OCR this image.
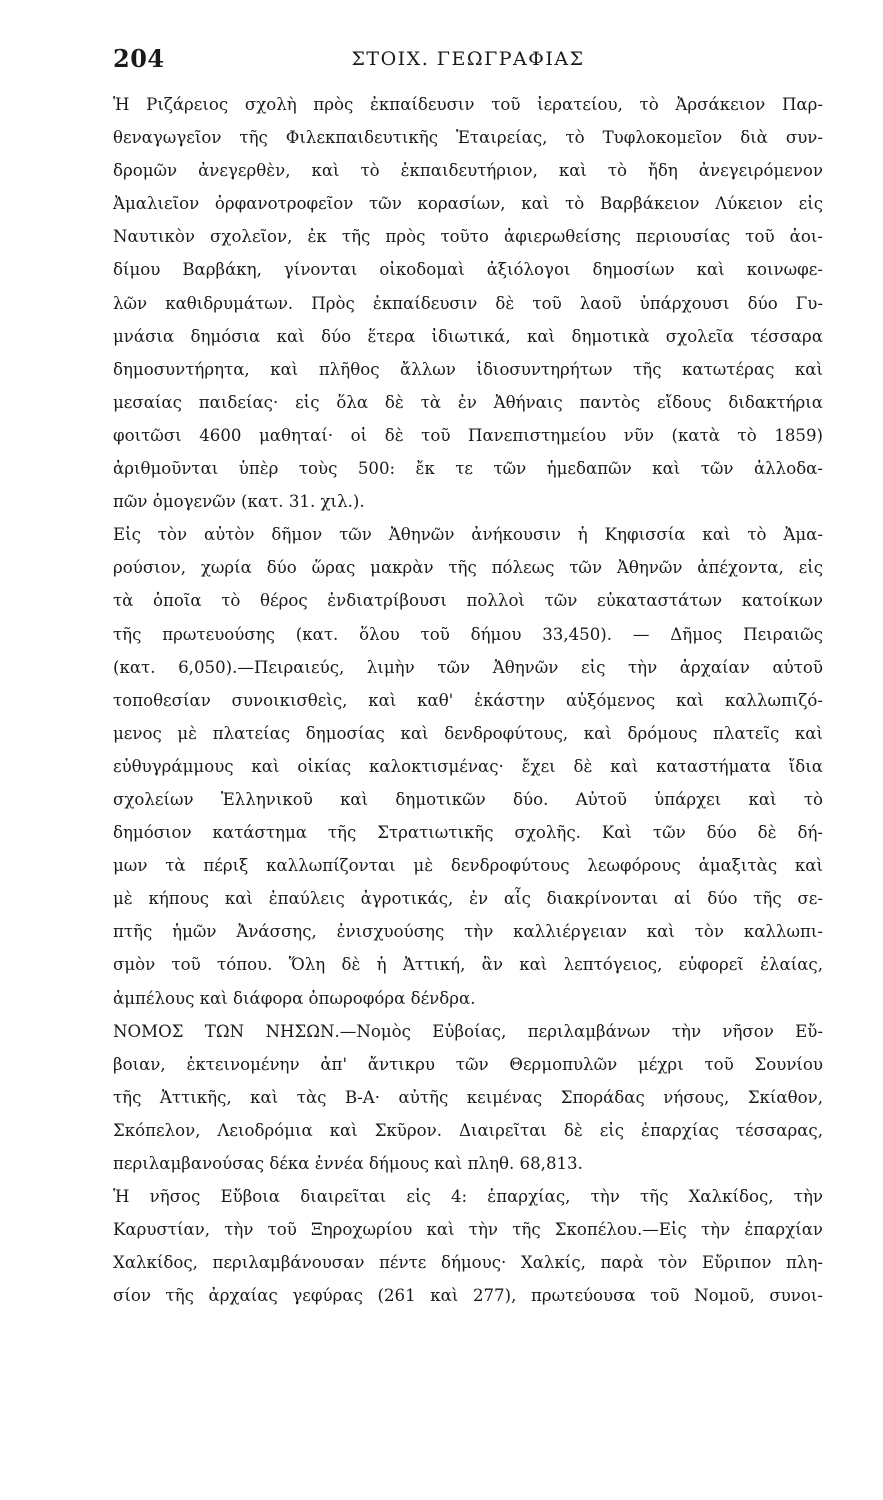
204	ΣΤΟΙΧ. ΓΕΩΓΡΑΦΙΑΣ
Ἡ Ριζάρειος σχολὴ πρὸς ἐκπαίδευσιν τοῦ ἱερατείου, τὸ Ἀρσάκειον Παρ-
θεναγωγεῖον τῆς Φιλεκπαιδευτικῆς Ἑταιρείας, τὸ Τυφλοκομεῖον διὰ συν-
δρομῶν ἀνεγερθὲν, καὶ τὸ ἐκπαιδευτήριον, καὶ τὸ ἤδη ἀνεγειρόμενον
Ἀμαλιεῖον ὀρφανοτροφεῖον τῶν κορασίων, καὶ τὸ Βαρβάκειον Λύκειον εἰς
Ναυτικὸν σχολεῖον, ἐκ τῆς πρὸς τοῦτο ἀφιερωθείσης περιουσίας τοῦ ἀοι-
δίμου Βαρβάκη, γίνονται οἰκοδομαὶ ἀξιόλογοι δημοσίων καὶ κοινωφε-
λῶν καθιδρυμάτων. Πρὸς ἐκπαίδευσιν δὲ τοῦ λαοῦ ὑπάρχουσι δύο Γυ-
μνάσια δημόσια καὶ δύο ἕτερα ἰδιωτικά, καὶ δημοτικὰ σχολεῖα τέσσαρα
δημοσυντήρητα, καὶ πλῆθος ἄλλων ἰδιοσυντηρήτων τῆς κατωτέρας καὶ
μεσαίας παιδείας· εἰς ὅλα δὲ τὰ ἐν Ἀθήναις παντὸς εἴδους διδακτήρια
φοιτῶσι 4600 μαθηταί· οἱ δὲ τοῦ Πανεπιστημείου νῦν (κατὰ τὸ 1859)
ἀριθμοῦνται ὑπὲρ τοὺς 500: ἔκ τε τῶν ἡμεδαπῶν καὶ τῶν ἀλλοδα-
πῶν ὁμογενῶν (κατ. 31. χιλ.).
Εἰς τὸν αὐτὸν δῆμον τῶν Ἀθηνῶν ἀνήκουσιν ἡ Κηφισσία καὶ τὸ Ἀμα-
ρούσιον, χωρία δύο ὥρας μακρὰν τῆς πόλεως τῶν Ἀθηνῶν ἀπέχοντα, εἰς
τὰ ὁποῖα τὸ θέρος ἐνδιατρίβουσι πολλοὶ τῶν εὐκαταστάτων κατοίκων
τῆς πρωτευούσης (κατ. ὅλου τοῦ δήμου 33,450). — Δῆμος Πειραιῶς
(κατ. 6,050).—Πειραιεύς, λιμὴν τῶν Ἀθηνῶν εἰς τὴν ἀρχαίαν αὐτοῦ
τοποθεσίαν συνοικισθεὶς, καὶ καθ' ἑκάστην αὐξόμενος καὶ καλλωπιζό-
μενος μὲ πλατείας δημοσίας καὶ δενδροφύτους, καὶ δρόμους πλατεῖς καὶ
εὐθυγράμμους καὶ οἰκίας καλοκτισμένας· ἔχει δὲ καὶ καταστήματα ἴδια
σχολείων Ἑλληνικοῦ καὶ δημοτικῶν δύο. Αὐτοῦ ὑπάρχει καὶ τὸ
δημόσιον κατάστημα τῆς Στρατιωτικῆς σχολῆς. Καὶ τῶν δύο δὲ δή-
μων τὰ πέριξ καλλωπίζονται μὲ δενδροφύτους λεωφόρους ἁμαξιτὰς καὶ
μὲ κήπους καὶ ἐπαύλεις ἀγροτικάς, ἐν αἷς διακρίνονται αἱ δύο τῆς σε-
πτῆς ἡμῶν Ἀνάσσης, ἐνισχυούσης τὴν καλλιέργειαν καὶ τὸν καλλωπι-
σμὸν τοῦ τόπου. Ὅλη δὲ ἡ Ἀττική, ἂν καὶ λεπτόγειος, εὐφορεῖ ἐλαίας,
ἀμπέλους καὶ διάφορα ὀπωροφόρα δένδρα.
ΝΟΜΟΣ ΤΩΝ ΝΗΣΩΝ.—Νομὸς Εὐβοίας, περιλαμβάνων τὴν νῆσον Εὔ-
βοιαν, ἐκτεινομένην ἀπ' ἄντικρυ τῶν Θερμοπυλῶν μέχρι τοῦ Σουνίου
τῆς Ἀττικῆς, καὶ τὰς Β-Α· αὐτῆς κειμένας Σποράδας νήσους, Σκίαθον,
Σκόπελον, Λειοδρόμια καὶ Σκῦρον. Διαιρεῖται δὲ εἰς ἐπαρχίας τέσσαρας,
περιλαμβανούσας δέκα ἐννέα δήμους καὶ πληθ. 68,813.
Ἡ νῆσος Εὔβοια διαιρεῖται εἰς 4: ἐπαρχίας, τὴν τῆς Χαλκίδος, τὴν
Καρυστίαν, τὴν τοῦ Ξηροχωρίου καὶ τὴν τῆς Σκοπέλου.—Εἰς τὴν ἐπαρχίαν
Χαλκίδος, περιλαμβάνουσαν πέντε δήμους· Χαλκίς, παρὰ τὸν Εὔριπον πλη-
σίον τῆς ἀρχαίας γεφύρας (261 καὶ 277), πρωτεύουσα τοῦ Νομοῦ, συνοι-
